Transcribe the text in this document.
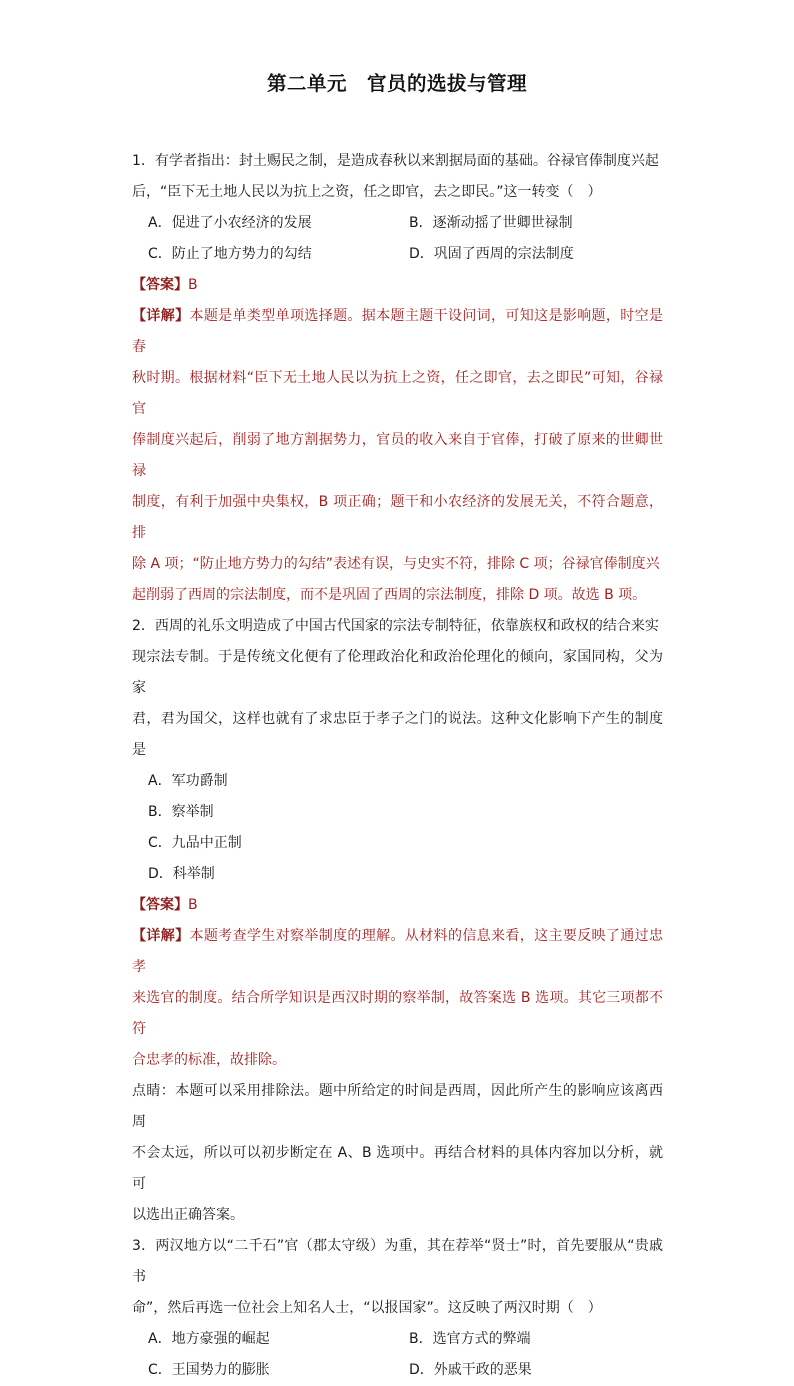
第二单元　官员的选拔与管理

1．有学者指出：封土赐民之制，是造成春秋以来割据局面的基础。谷禄官俸制度兴起

后，“臣下无土地人民以为抗上之资，任之即官，去之即民。”这一转变（　）

A．促进了小农经济的发展	B．逐渐动摇了世卿世禄制
C．防止了地方势力的勾结	D．巩固了西周的宗法制度

【答案】B

【详解】本题是单类型单项选择题。据本题主题干设问词，可知这是影响题，时空是春

秋时期。根据材料“臣下无土地人民以为抗上之资，任之即官，去之即民”可知，谷禄官

俸制度兴起后，削弱了地方割据势力，官员的收入来自于官俸，打破了原来的世卿世禄

制度，有利于加强中央集权，B 项正确；题干和小农经济的发展无关，不符合题意，排

除 A 项；“防止地方势力的勾结”表述有误，与史实不符，排除 C 项；谷禄官俸制度兴

起削弱了西周的宗法制度，而不是巩固了西周的宗法制度，排除 D 项。故选 B 项。

2．西周的礼乐文明造成了中国古代国家的宗法专制特征，依靠族权和政权的结合来实

现宗法专制。于是传统文化便有了伦理政治化和政治伦理化的倾向，家国同构，父为家

君，君为国父，这样也就有了求忠臣于孝子之门的说法。这种文化影响下产生的制度是

A．军功爵制
B．察举制
C．九品中正制
D．科举制

【答案】B

【详解】本题考查学生对察举制度的理解。从材料的信息来看，这主要反映了通过忠孝

来选官的制度。结合所学知识是西汉时期的察举制，故答案选 B 选项。其它三项都不符

合忠孝的标准，故排除。

点睛：本题可以采用排除法。题中所给定的时间是西周，因此所产生的影响应该离西周

不会太远，所以可以初步断定在 A、B 选项中。再结合材料的具体内容加以分析，就可

以选出正确答案。

3．两汉地方以“二千石”官（郡太守级）为重，其在荐举“贤士”时，首先要服从“贵戚书

命”，然后再选一位社会上知名人士，“以报国家”。这反映了两汉时期（　）

A．地方豪强的崛起	B．选官方式的弊端
C．王国势力的膨胀	D．外戚干政的恶果
